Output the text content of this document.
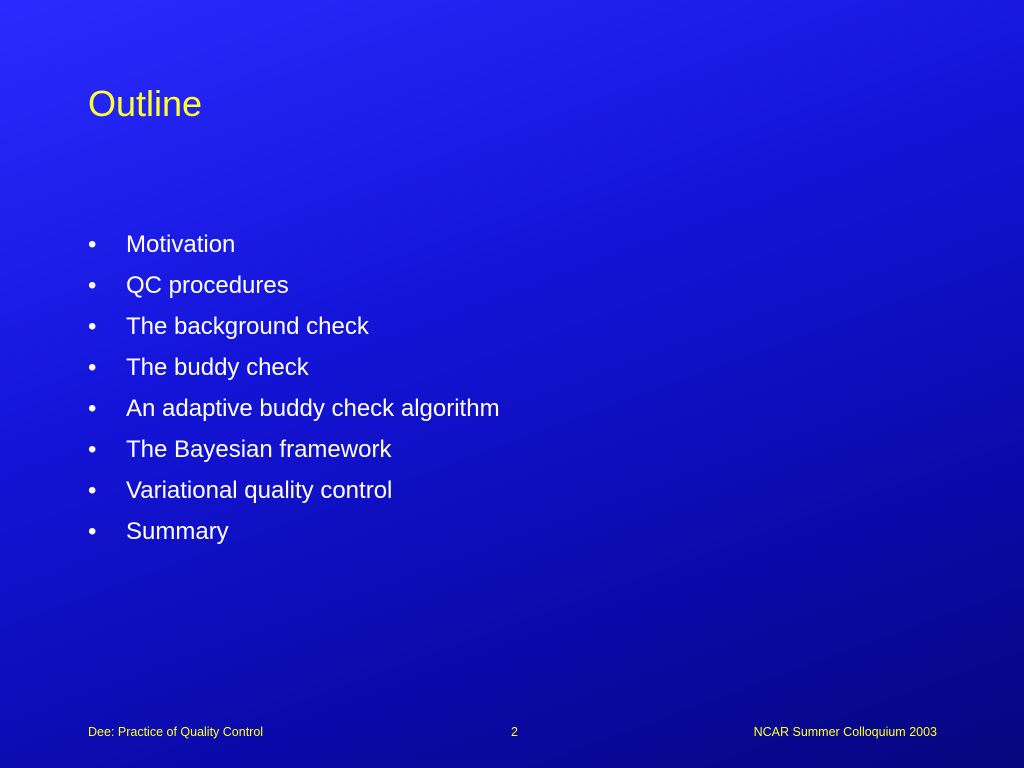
Outline
•	Motivation
•	QC procedures
•	The background check
•	The buddy check
•	An adaptive buddy check algorithm
•	The Bayesian framework
•	Variational quality control
•	Summary
Dee: Practice of Quality Control	2	NCAR Summer Colloquium 2003
